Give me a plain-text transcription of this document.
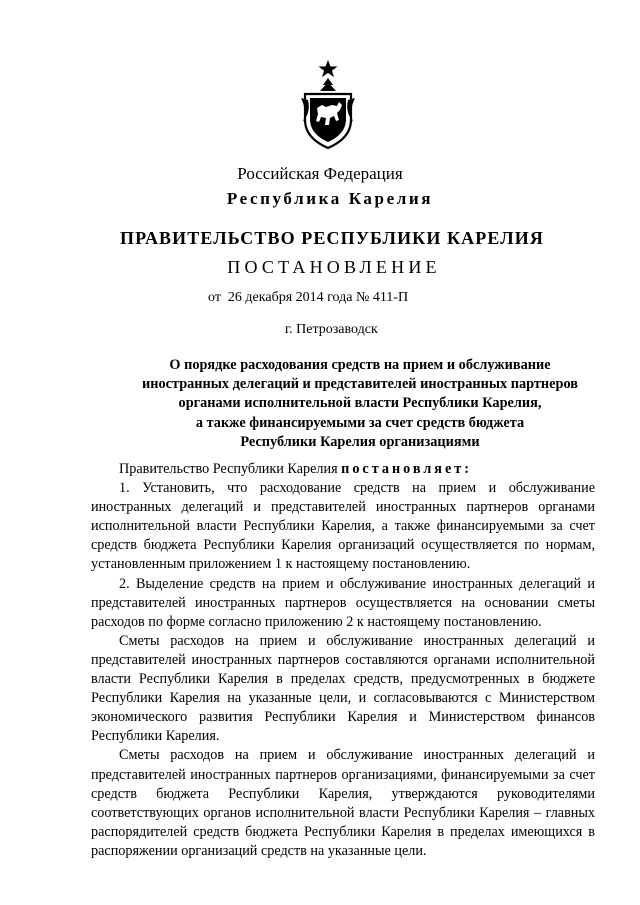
Российская Федерация
Республика Карелия
ПРАВИТЕЛЬСТВО РЕСПУБЛИКИ КАРЕЛИЯ
ПОСТАНОВЛЕНИЕ
от  26 декабря 2014 года № 411-П
г. Петрозаводск
О порядке расходования средств на прием и обслуживание
иностранных делегаций и представителей иностранных партнеров
органами исполнительной власти Республики Карелия,
а также финансируемыми за счет средств бюджета
Республики Карелия организациями
Правительство Республики Карелия постановляет:
1. Установить, что расходование средств на прием и обслуживание иностранных делегаций и представителей иностранных партнеров органами исполнительной власти Республики Карелия, а также финансируемыми за счет средств бюджета Республики Карелия организаций осуществляется по нормам, установленным приложением 1 к настоящему постановлению.
2. Выделение средств на прием и обслуживание иностранных делегаций и представителей иностранных партнеров осуществляется на основании сметы расходов по форме согласно приложению 2 к настоящему постановлению.
Сметы расходов на прием и обслуживание иностранных делегаций и представителей иностранных партнеров составляются органами исполнительной власти Республики Карелия в пределах средств, предусмотренных в бюджете Республики Карелия на указанные цели, и согласовываются с Министерством экономического развития Республики Карелия и Министерством финансов Республики Карелия.
Сметы расходов на прием и обслуживание иностранных делегаций и представителей иностранных партнеров организациями, финансируемыми за счет средств бюджета Республики Карелия, утверждаются руководителями соответствующих органов исполнительной власти Республики Карелия – главных распорядителей средств бюджета Республики Карелия в пределах имеющихся в распоряжении организаций средств на указанные цели.
